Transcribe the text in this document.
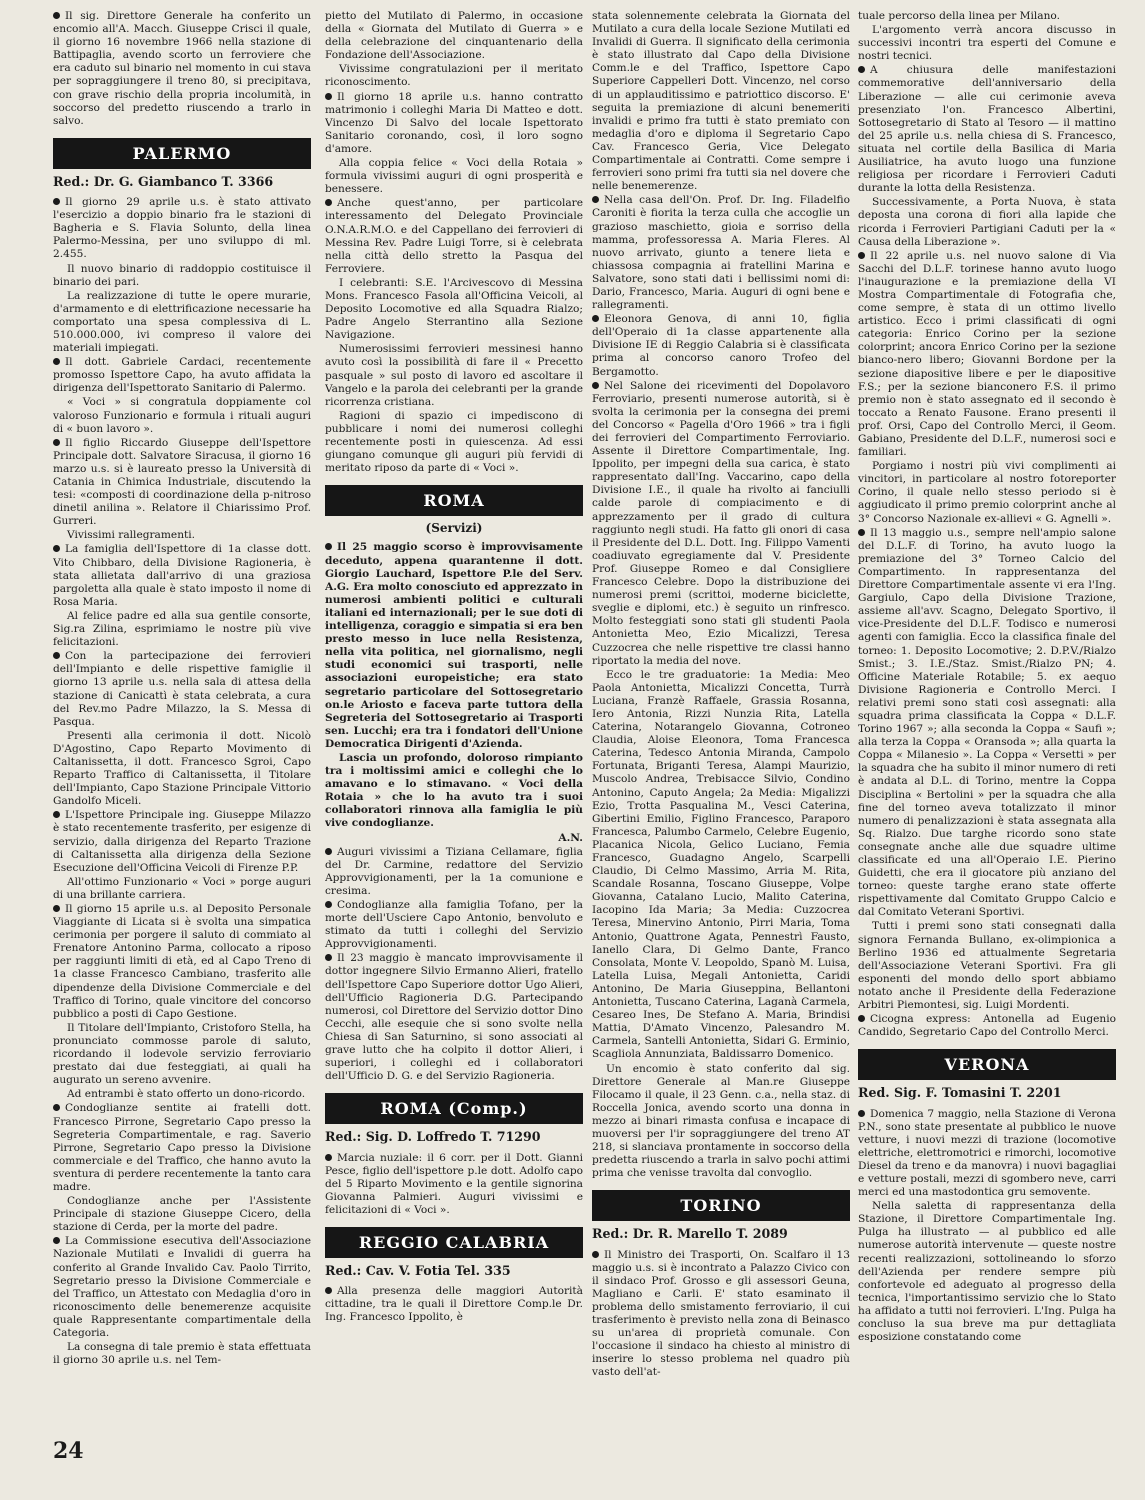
Il sig. Direttore Generale ha conferito un encomio all'A. Macch. Giuseppe Crisci il quale, il giorno 16 novembre 1966 nella stazione di Battipaglia, avendo scorto un ferroviere che era caduto sul binario nel momento in cui stava per sopraggiungere il treno 80, si precipitava, con grave rischio della propria incolumità, in soccorso del predetto riuscendo a trarlo in salvo.

PALERMO
Red.: Dr. G. Giambanco T. 3366

Il giorno 29 aprile u.s. è stato attivato l'esercizio a doppio binario fra le stazioni di Bagheria e S. Flavia Solunto, della linea Palermo-Messina, per uno sviluppo di ml. 2.455.

Il nuovo binario di raddoppio costituisce il binario dei pari.

La realizzazione di tutte le opere murarie, d'armamento e di elettrificazione necessarie ha comportato una spesa complessiva di L. 510.000.000, ivi compreso il valore dei materiali impiegati.

Il dott. Gabriele Cardaci, recentemente promosso Ispettore Capo, ha avuto affidata la dirigenza dell'Ispettorato Sanitario di Palermo.

« Voci » si congratula doppiamente col valoroso Funzionario e formula i rituali auguri di « buon lavoro ».

Il figlio Riccardo Giuseppe dell'Ispettore Principale dott. Salvatore Siracusa, il giorno 16 marzo u.s. si è laureato presso la Università di Catania in Chimica Industriale, discutendo la tesi: «composti di coordinazione della p-nitroso dinetil anilina ». Relatore il Chiarissimo Prof. Gurreri.

Vivissimi rallegramenti.

La famiglia dell'Ispettore di 1a classe dott. Vito Chibbaro, della Divisione Ragioneria, è stata allietata dall'arrivo di una graziosa pargoletta alla quale è stato imposto il nome di Rosa Maria.

Al felice padre ed alla sua gentile consorte, Sig.ra Zilina, esprimiamo le nostre più vive felicitazioni.

Con la partecipazione dei ferrovieri dell'Impianto e delle rispettive famiglie il giorno 13 aprile u.s. nella sala di attesa della stazione di Canicattì è stata celebrata, a cura del Rev.mo Padre Milazzo, la S. Messa di Pasqua.

Presenti alla cerimonia il dott. Nicolò D'Agostino, Capo Reparto Movimento di Caltanissetta, il dott. Francesco Sgroi, Capo Reparto Traffico di Caltanissetta, il Titolare dell'Impianto, Capo Stazione Principale Vittorio Gandolfo Miceli.

L'Ispettore Principale ing. Giuseppe Milazzo è stato recentemente trasferito, per esigenze di servizio, dalla dirigenza del Reparto Trazione di Caltanissetta alla dirigenza della Sezione Esecuzione dell'Officina Veicoli di Firenze P.P.

All'ottimo Funzionario « Voci » porge auguri di una brillante carriera.

Il giorno 15 aprile u.s. al Deposito Personale Viaggiante di Licata si è svolta una simpatica cerimonia per porgere il saluto di commiato al Frenatore Antonino Parma, collocato a riposo per raggiunti limiti di età, ed al Capo Treno di 1a classe Francesco Cambiano, trasferito alle dipendenze della Divisione Commerciale e del Traffico di Torino, quale vincitore del concorso pubblico a posti di Capo Gestione.

Il Titolare dell'Impianto, Cristoforo Stella, ha pronunciato commosse parole di saluto, ricordando il lodevole servizio ferroviario prestato dai due festeggiati, ai quali ha augurato un sereno avvenire.

Ad entrambi è stato offerto un dono-ricordo.

Condoglianze sentite ai fratelli dott. Francesco Pirrone, Segretario Capo presso la Segreteria Compartimentale, e rag. Saverio Pirrone, Segretario Capo presso la Divisione commerciale e del Traffico, che hanno avuto la sventura di perdere recentemente la tanto cara madre.

Condoglianze anche per l'Assistente Principale di stazione Giuseppe Cicero, della stazione di Cerda, per la morte del padre.

La Commissione esecutiva dell'Associazione Nazionale Mutilati e Invalidi di guerra ha conferito al Grande Invalido Cav. Paolo Tirrito, Segretario presso la Divisione Commerciale e del Traffico, un Attestato con Medaglia d'oro in riconoscimento delle benemerenze acquisite quale Rappresentante compartimentale della Categoria.

La consegna di tale premio è stata effettuata il giorno 30 aprile u.s. nel Tem-

pietto del Mutilato di Palermo, in occasione della « Giornata del Mutilato di Guerra » e della celebrazione del cinquantenario della Fondazione dell'Associazione.

Vivissime congratulazioni per il meritato riconoscimento.

Il giorno 18 aprile u.s. hanno contratto matrimonio i colleghi Maria Di Matteo e dott. Vincenzo Di Salvo del locale Ispettorato Sanitario coronando, così, il loro sogno d'amore.

Alla coppia felice « Voci della Rotaia » formula vivissimi auguri di ogni prosperità e benessere.

Anche quest'anno, per particolare interessamento del Delegato Provinciale O.N.A.R.M.O. e del Cappellano dei ferrovieri di Messina Rev. Padre Luigi Torre, si è celebrata nella città dello stretto la Pasqua del Ferroviere.

I celebranti: S.E. l'Arcivescovo di Messina Mons. Francesco Fasola all'Officina Veicoli, al Deposito Locomotive ed alla Squadra Rialzo; Padre Angelo Sterrantino alla Sezione Navigazione.

Numerosissimi ferrovieri messinesi hanno avuto così la possibilità di fare il « Precetto pasquale » sul posto di lavoro ed ascoltare il Vangelo e la parola dei celebranti per la grande ricorrenza cristiana.

Ragioni di spazio ci impediscono di pubblicare i nomi dei numerosi colleghi recentemente posti in quiescenza. Ad essi giungano comunque gli auguri più fervidi di meritato riposo da parte di « Voci ».

ROMA
(Servizi)

Il 25 maggio scorso è improvvisamente deceduto, appena quarantenne il dott. Giorgio Lauchard, Ispettore P.le del Serv. A.G. Era molto conosciuto ed apprezzato in numerosi ambienti politici e culturali italiani ed internazionali; per le sue doti di intelligenza, coraggio e simpatia si era ben presto messo in luce nella Resistenza, nella vita politica, nel giornalismo, negli studi economici sui trasporti, nelle associazioni europeistiche; era stato segretario particolare del Sottosegretario on.le Ariosto e faceva parte tuttora della Segreteria del Sottosegretario ai Trasporti sen. Lucchi; era tra i fondatori dell'Unione Democratica Dirigenti d'Azienda.

Lascia un profondo, doloroso rimpianto tra i moltissimi amici e colleghi che lo amavano e lo stimavano. « Voci della Rotaia » che lo ha avuto tra i suoi collaboratori rinnova alla famiglia le più vive condoglianze.

A.N.

Auguri vivissimi a Tiziana Cellamare, figlia del Dr. Carmine, redattore del Servizio Approvvigionamenti, per la 1a comunione e cresima.

Condoglianze alla famiglia Tofano, per la morte dell'Usciere Capo Antonio, benvoluto e stimato da tutti i colleghi del Servizio Approvvigionamenti.

Il 23 maggio è mancato improvvisamente il dottor ingegnere Silvio Ermanno Alieri, fratello dell'Ispettore Capo Superiore dottor Ugo Alieri, dell'Ufficio Ragioneria D.G. Partecipando numerosi, col Direttore del Servizio dottor Dino Cecchi, alle esequie che si sono svolte nella Chiesa di San Saturnino, si sono associati al grave lutto che ha colpito il dottor Alieri, i superiori, i colleghi ed i collaboratori dell'Ufficio D. G. e del Servizio Ragioneria.

ROMA (Comp.)
Red.: Sig. D. Loffredo T. 71290

Marcia nuziale: il 6 corr. per il Dott. Gianni Pesce, figlio dell'ispettore p.le dott. Adolfo capo del 5 Riparto Movimento e la gentile signorina Giovanna Palmieri. Auguri vivissimi e felicitazioni di « Voci ».

REGGIO CALABRIA
Red.: Cav. V. Fotia Tel. 335

Alla presenza delle maggiori Autorità cittadine, tra le quali il Direttore Comp.le Dr. Ing. Francesco Ippolito, è

stata solennemente celebrata la Giornata del Mutilato a cura della locale Sezione Mutilati ed Invalidi di Guerra. Il significato della cerimonia è stato illustrato dal Capo della Divisione Comm.le e del Traffico, Ispettore Capo Superiore Cappelleri Dott. Vincenzo, nel corso di un applauditissimo e patriottico discorso. E' seguita la premiazione di alcuni benemeriti invalidi e primo fra tutti è stato premiato con medaglia d'oro e diploma il Segretario Capo Cav. Francesco Geria, Vice Delegato Compartimentale ai Contratti. Come sempre i ferrovieri sono primi fra tutti sia nel dovere che nelle benemerenze.

Nella casa dell'On. Prof. Dr. Ing. Filadelfio Caroniti è fiorita la terza culla che accoglie un grazioso maschietto, gioia e sorriso della mamma, professoressa A. Maria Fleres. Al nuovo arrivato, giunto a tenere lieta e chiassosa compagnia ai fratellini Marina e Salvatore, sono stati dati i bellissimi nomi di: Dario, Francesco, Maria. Auguri di ogni bene e rallegramenti.

Eleonora Genova, di anni 10, figlia dell'Operaio di 1a classe appartenente alla Divisione IE di Reggio Calabria si è classificata prima al concorso canoro Trofeo del Bergamotto.

Nel Salone dei ricevimenti del Dopolavoro Ferroviario, presenti numerose autorità, si è svolta la cerimonia per la consegna dei premi del Concorso « Pagella d'Oro 1966 » tra i figli dei ferrovieri del Compartimento Ferroviario. Assente il Direttore Compartimentale, Ing. Ippolito, per impegni della sua carica, è stato rappresentato dall'Ing. Vaccarino, capo della Divisione I.E., il quale ha rivolto ai fanciulli calde parole di compiacimento e di apprezzamento per il grado di cultura raggiunto negli studi. Ha fatto gli onori di casa il Presidente del D.L. Dott. Ing. Filippo Vamenti coadiuvato egregiamente dal V. Presidente Prof. Giuseppe Romeo e dal Consigliere Francesco Celebre. Dopo la distribuzione dei numerosi premi (scrittoi, moderne biciclette, sveglie e diplomi, etc.) è seguito un rinfresco. Molto festeggiati sono stati gli studenti Paola Antonietta Meo, Ezio Micalizzi, Teresa Cuzzocrea che nelle rispettive tre classi hanno riportato la media del nove.

Ecco le tre graduatorie: 1a Media: Meo Paola Antonietta, Micalizzi Concetta, Turrà Luciana, Franzè Raffaele, Grassia Rosanna, Iero Antonia, Rizzi Nunzia Rita, Latella Caterina, Notarangelo Giovanna, Cotroneo Claudia, Aloise Eleonora, Toma Francesca Caterina, Tedesco Antonia Miranda, Campolo Fortunata, Briganti Teresa, Alampi Maurizio, Muscolo Andrea, Trebisacce Silvio, Condino Antonino, Caputo Angela; 2a Media: Migalizzi Ezio, Trotta Pasqualina M., Vesci Caterina, Gibertini Emilio, Figlino Francesco, Paraporo Francesca, Palumbo Carmelo, Celebre Eugenio, Placanica Nicola, Gelico Luciano, Femia Francesco, Guadagno Angelo, Scarpelli Claudio, Di Celmo Massimo, Arria M. Rita, Scandale Rosanna, Toscano Giuseppe, Volpe Giovanna, Catalano Lucio, Malito Caterina, Iacopino Ida Maria; 3a Media: Cuzzocrea Teresa, Minervino Antonio, Pirri Maria, Toma Antonio, Quattrone Agata, Pennestrì Fausto, Ianello Clara, Di Gelmo Dante, Franco Consolata, Monte V. Leopoldo, Spanò M. Luisa, Latella Luisa, Megali Antonietta, Caridi Antonino, De Maria Giuseppina, Bellantoni Antonietta, Tuscano Caterina, Laganà Carmela, Cesareo Ines, De Stefano A. Maria, Brindisi Mattia, D'Amato Vincenzo, Palesandro M. Carmela, Santelli Antonietta, Sidari G. Erminio, Scagliola Annunziata, Baldissarro Domenico.

Un encomio è stato conferito dal sig. Direttore Generale al Man.re Giuseppe Filocamo il quale, il 23 Genn. c.a., nella staz. di Roccella Jonica, avendo scorto una donna in mezzo ai binari rimasta confusa e incapace di muoversi per l'ir sopraggiungere del treno AT 218, si slanciava prontamente in soccorso della predetta riuscendo a trarla in salvo pochi attimi prima che venisse travolta dal convoglio.

TORINO
Red.: Dr. R. Marello T. 2089

Il Ministro dei Trasporti, On. Scalfaro il 13 maggio u.s. si è incontrato a Palazzo Civico con il sindaco Prof. Grosso e gli assessori Geuna, Magliano e Carli. E' stato esaminato il problema dello smistamento ferroviario, il cui trasferimento è previsto nella zona di Beinasco su un'area di proprietà comunale. Con l'occasione il sindaco ha chiesto al ministro di inserire lo stesso problema nel quadro più vasto dell'at-

tuale percorso della linea per Milano.

L'argomento verrà ancora discusso in successivi incontri tra esperti del Comune e nostri tecnici.

A chiusura delle manifestazioni commemorative dell'anniversario della Liberazione — alle cui cerimonie aveva presenziato l'on. Francesco Albertini, Sottosegretario di Stato al Tesoro — il mattino del 25 aprile u.s. nella chiesa di S. Francesco, situata nel cortile della Basilica di Maria Ausiliatrice, ha avuto luogo una funzione religiosa per ricordare i Ferrovieri Caduti durante la lotta della Resistenza.

Successivamente, a Porta Nuova, è stata deposta una corona di fiori alla lapide che ricorda i Ferrovieri Partigiani Caduti per la « Causa della Liberazione ».

Il 22 aprile u.s. nel nuovo salone di Via Sacchi del D.L.F. torinese hanno avuto luogo l'inaugurazione e la premiazione della VI Mostra Compartimentale di Fotografia che, come sempre, è stata di un ottimo livello artistico. Ecco i primi classificati di ogni categoria: Enrico Corino per la sezione colorprint; ancora Enrico Corino per la sezione bianco-nero libero; Giovanni Bordone per la sezione diapositive libere e per le diapositive F.S.; per la sezione bianconero F.S. il primo premio non è stato assegnato ed il secondo è toccato a Renato Fausone. Erano presenti il prof. Orsi, Capo del Controllo Merci, il Geom. Gabiano, Presidente del D.L.F., numerosi soci e familiari.

Porgiamo i nostri più vivi complimenti ai vincitori, in particolare al nostro fotoreporter Corino, il quale nello stesso periodo si è aggiudicato il primo premio colorprint anche al 3° Concorso Nazionale ex-allievi « G. Agnelli ».

Il 13 maggio u.s., sempre nell'ampio salone del D.L.F. di Torino, ha avuto luogo la premiazione del 3° Torneo Calcio del Compartimento. In rappresentanza del Direttore Compartimentale assente vi era l'Ing. Gargiulo, Capo della Divisione Trazione, assieme all'avv. Scagno, Delegato Sportivo, il vice-Presidente del D.L.F. Todisco e numerosi agenti con famiglia. Ecco la classifica finale del torneo: 1. Deposito Locomotive; 2. D.P.V./Rialzo Smist.; 3. I.E./Staz. Smist./Rialzo PN; 4. Officine Materiale Rotabile; 5. ex aequo Divisione Ragioneria e Controllo Merci. I relativi premi sono stati così assegnati: alla squadra prima classificata la Coppa « D.L.F. Torino 1967 »; alla seconda la Coppa « Saufi »; alla terza la Coppa « Oransoda »; alla quarta la Coppa « Milanesio ». La Coppa « Versetti » per la squadra che ha subito il minor numero di reti è andata al D.L. di Torino, mentre la Coppa Disciplina « Bertolini » per la squadra che alla fine del torneo aveva totalizzato il minor numero di penalizzazioni è stata assegnata alla Sq. Rialzo. Due targhe ricordo sono state consegnate anche alle due squadre ultime classificate ed una all'Operaio I.E. Pierino Guidetti, che era il giocatore più anziano del torneo: queste targhe erano state offerte rispettivamente dal Comitato Gruppo Calcio e dal Comitato Veterani Sportivi.

Tutti i premi sono stati consegnati dalla signora Fernanda Bullano, ex-olimpionica a Berlino 1936 ed attualmente Segretaria dell'Associazione Veterani Sportivi. Fra gli esponenti del mondo dello sport abbiamo notato anche il Presidente della Federazione Arbitri Piemontesi, sig. Luigi Mordenti.

Cicogna express: Antonella ad Eugenio Candido, Segretario Capo del Controllo Merci.

VERONA
Red. Sig. F. Tomasini T. 2201

Domenica 7 maggio, nella Stazione di Verona P.N., sono state presentate al pubblico le nuove vetture, i nuovi mezzi di trazione (locomotive elettriche, elettromotrici e rimorchi, locomotive Diesel da treno e da manovra) i nuovi bagagliai e vetture postali, mezzi di sgombero neve, carri merci ed una mastodontica gru semovente.

Nella saletta di rappresentanza della Stazione, il Direttore Compartimentale Ing. Pulga ha illustrato — al pubblico ed alle numerose autorità intervenute — queste nostre recenti realizzazioni, sottolineando lo sforzo dell'Azienda per rendere sempre più confortevole ed adeguato al progresso della tecnica, l'importantissimo servizio che lo Stato ha affidato a tutti noi ferrovieri. L'Ing. Pulga ha concluso la sua breve ma pur dettagliata esposizione constatando come

24
